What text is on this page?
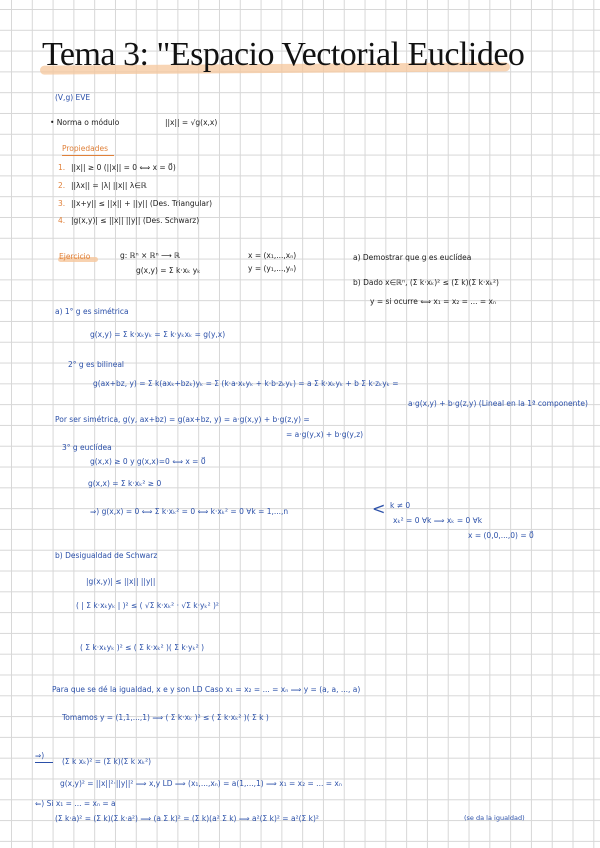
Tema 3: "Espacio Vectorial Euclideo
(V,g) EVE
• Norma o módulo	||x|| = √g(x,x)
Propiedades
1. ||x|| ≥ 0 (||x|| = 0 ⟺ x = 0⃗)
2. ||λx|| = |λ| ||x|| λ∈ℝ
3. ||x+y|| ≤ ||x|| + ||y|| (Des. Triangular)
4. |g(x,y)| ≤ ||x|| ||y|| (Des. Schwarz)
Ejercicio	g: ℝⁿ × ℝⁿ ⟶ ℝ
g(x,y) = Σ k·xₖ yₖ
x = (x₁,...,xₙ)
y = (y₁,...,yₙ)
a) Demostrar que g es euclídea
b) Dado x∈ℝⁿ, (Σ k·xₖ)² ≤ (Σ k)(Σ k·xₖ²)
y = si ocurre ⟺ x₁ = x₂ = ... = xₙ
a) 1° g es simétrica
g(x,y) = Σ k·xₖyₖ = Σ k·yₖxₖ = g(y,x)
2° g es bilineal
g(ax+bz, y) = Σ k(axₖ+bzₖ)yₖ = Σ (k·a·xₖyₖ + k·b·zₖyₖ) = a Σ k·xₖyₖ + b Σ k·zₖyₖ =
a·g(x,y) + b·g(z,y) (Lineal en la 1ª componente)
Por ser simétrica, g(y, ax+bz) = g(ax+bz, y) = a·g(x,y) + b·g(z,y) =
= a·g(y,x) + b·g(y,z)
3° g euclídea
g(x,x) ≥ 0 y g(x,x)=0 ⟺ x = 0⃗
g(x,x) = Σ k·xₖ² ≥ 0
⇒) g(x,x) = 0 ⟺ Σ k·xₖ² = 0 ⟺ k·xₖ² = 0 ∀k = 1,...,n	< k ≠ 0
xₖ² = 0 ∀k ⟹ xₖ = 0 ∀k
x = (0,0,...,0) = 0⃗
b) Desigualdad de Schwarz
|g(x,y)| ≤ ||x|| ||y||
( | Σ k·xₖyₖ | )² ≤ ( √Σ k·xₖ² · √Σ k·yₖ² )²
( Σ k·xₖyₖ )² ≤ ( Σ k·xₖ² )( Σ k·yₖ² )
Para que se dé la igualdad, x e y son LD Caso x₁ = x₂ = ... = xₙ ⟹ y = (a, a, ..., a)
Tomamos y = (1,1,...,1) ⟹ ( Σ k·xₖ )² ≤ ( Σ k·xₖ² )( Σ k )
⇒)
(Σ k xₖ)² = (Σ k)(Σ k xₖ²)
g(x,y)² = ||x||²·||y||² ⟹ x,y LD ⟹ (x₁,...,xₙ) = a(1,...,1) ⟹ x₁ = x₂ = ... = xₙ
⇐) Si x₁ = ... = xₙ = a
(Σ k·a)² = (Σ k)(Σ k·a²) ⟹ (a Σ k)² = (Σ k)(a² Σ k) ⟹ a²(Σ k)² = a²(Σ k)²	(se da la igualdad)
